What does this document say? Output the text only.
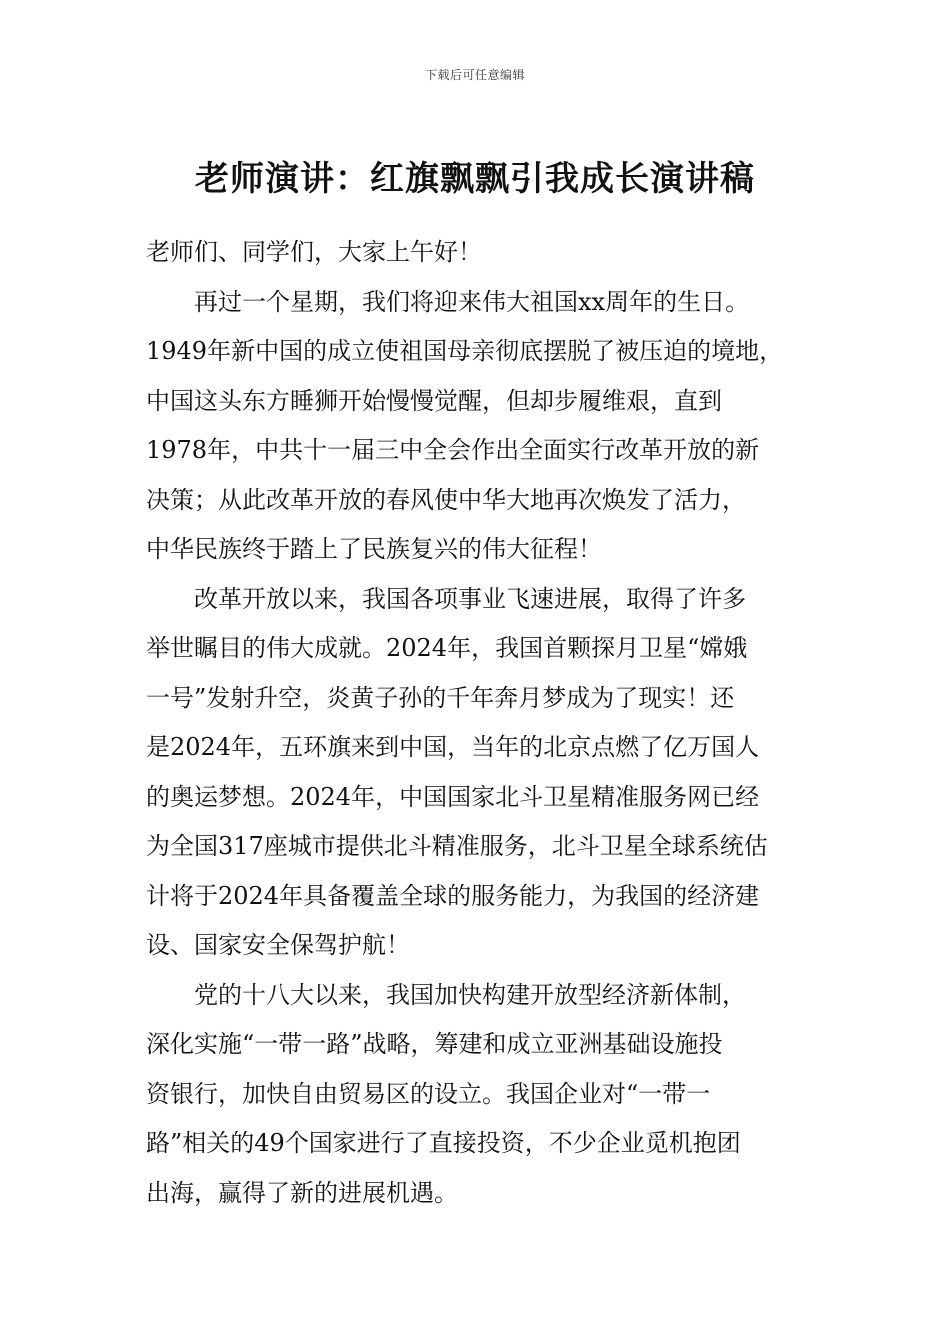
下载后可任意编辑
老师演讲：红旗飘飘引我成长演讲稿
老师们、同学们，大家上午好！
再过一个星期，我们将迎来伟大祖国xx周年的生日。
1949年新中国的成立使祖国母亲彻底摆脱了被压迫的境地，
中国这头东方睡狮开始慢慢觉醒，但却步履维艰，直到
1978年，中共十一届三中全会作出全面实行改革开放的新
决策；从此改革开放的春风使中华大地再次焕发了活力，
中华民族终于踏上了民族复兴的伟大征程！
改革开放以来，我国各项事业飞速进展，取得了许多
举世瞩目的伟大成就。2024年，我国首颗探月卫星“嫦娥
一号”发射升空，炎黄子孙的千年奔月梦成为了现实！还
是2024年，五环旗来到中国，当年的北京点燃了亿万国人
的奥运梦想。2024年，中国国家北斗卫星精准服务网已经
为全国317座城市提供北斗精准服务，北斗卫星全球系统估
计将于2024年具备覆盖全球的服务能力，为我国的经济建
设、国家安全保驾护航！
党的十八大以来，我国加快构建开放型经济新体制，
深化实施“一带一路”战略，筹建和成立亚洲基础设施投
资银行，加快自由贸易区的设立。我国企业对“一带一
路”相关的49个国家进行了直接投资，不少企业觅机抱团
出海，赢得了新的进展机遇。
